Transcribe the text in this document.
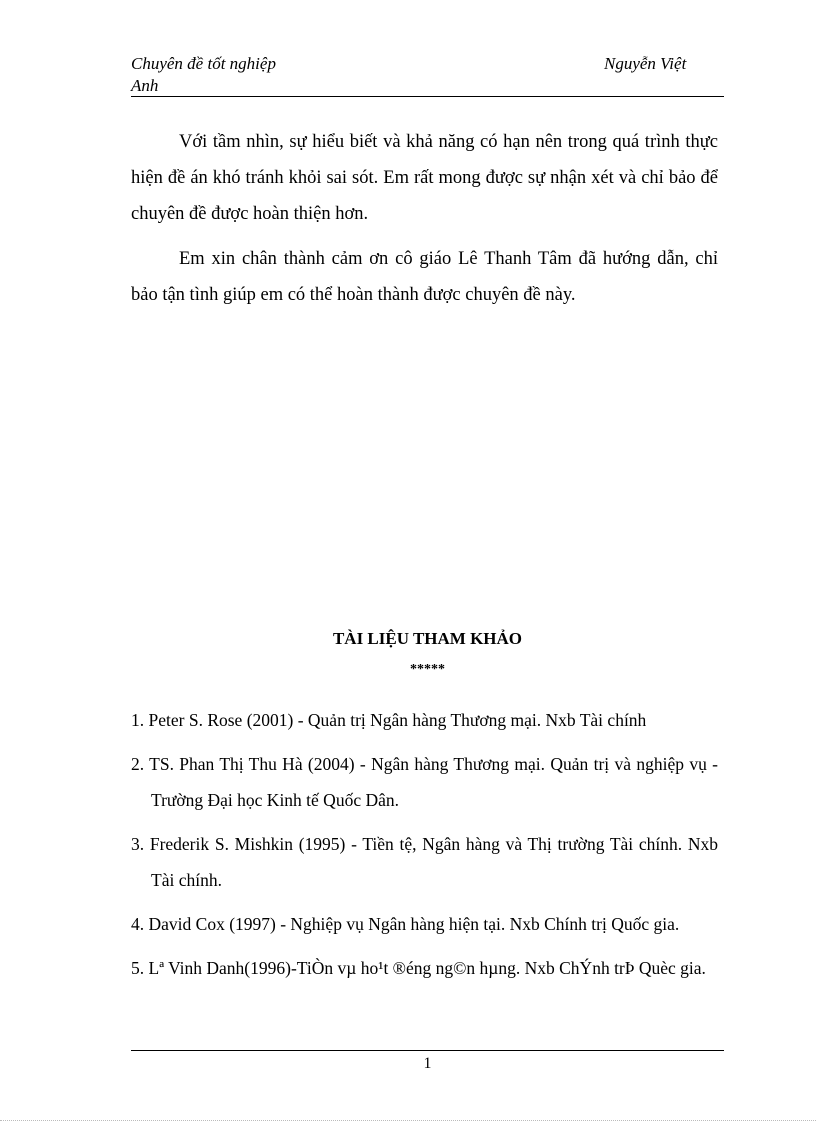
Chuyên đề tốt nghiệp
Anh
Nguyễn Việt

Với tầm nhìn, sự hiểu biết và khả năng có hạn nên trong quá trình thực hiện đề án khó tránh khỏi sai sót. Em rất mong được sự nhận xét và chỉ bảo để chuyên đề được hoàn thiện hơn.

Em xin chân thành cảm ơn cô giáo Lê Thanh Tâm đã hướng dẫn, chỉ bảo tận tình giúp em có thể hoàn thành được chuyên đề này.

TÀI LIỆU THAM KHẢO
*****
1. Peter S. Rose (2001) - Quản trị Ngân hàng Thương mại. Nxb Tài chính
2. TS. Phan Thị Thu Hà (2004) - Ngân hàng Thương mại. Quản trị và nghiệp vụ - Trường Đại học Kinh tế Quốc Dân.
3. Frederik S. Mishkin (1995) - Tiền tệ, Ngân hàng và Thị trường Tài chính. Nxb Tài chính.
4. David Cox (1997) - Nghiệp vụ Ngân hàng hiện tại. Nxb Chính trị Quốc gia.
5. Lª Vinh Danh(1996)-TiÒn vµ ho¹t ®éng ng©n hµng. Nxb ChÝnh trÞ Quèc gia.
1
